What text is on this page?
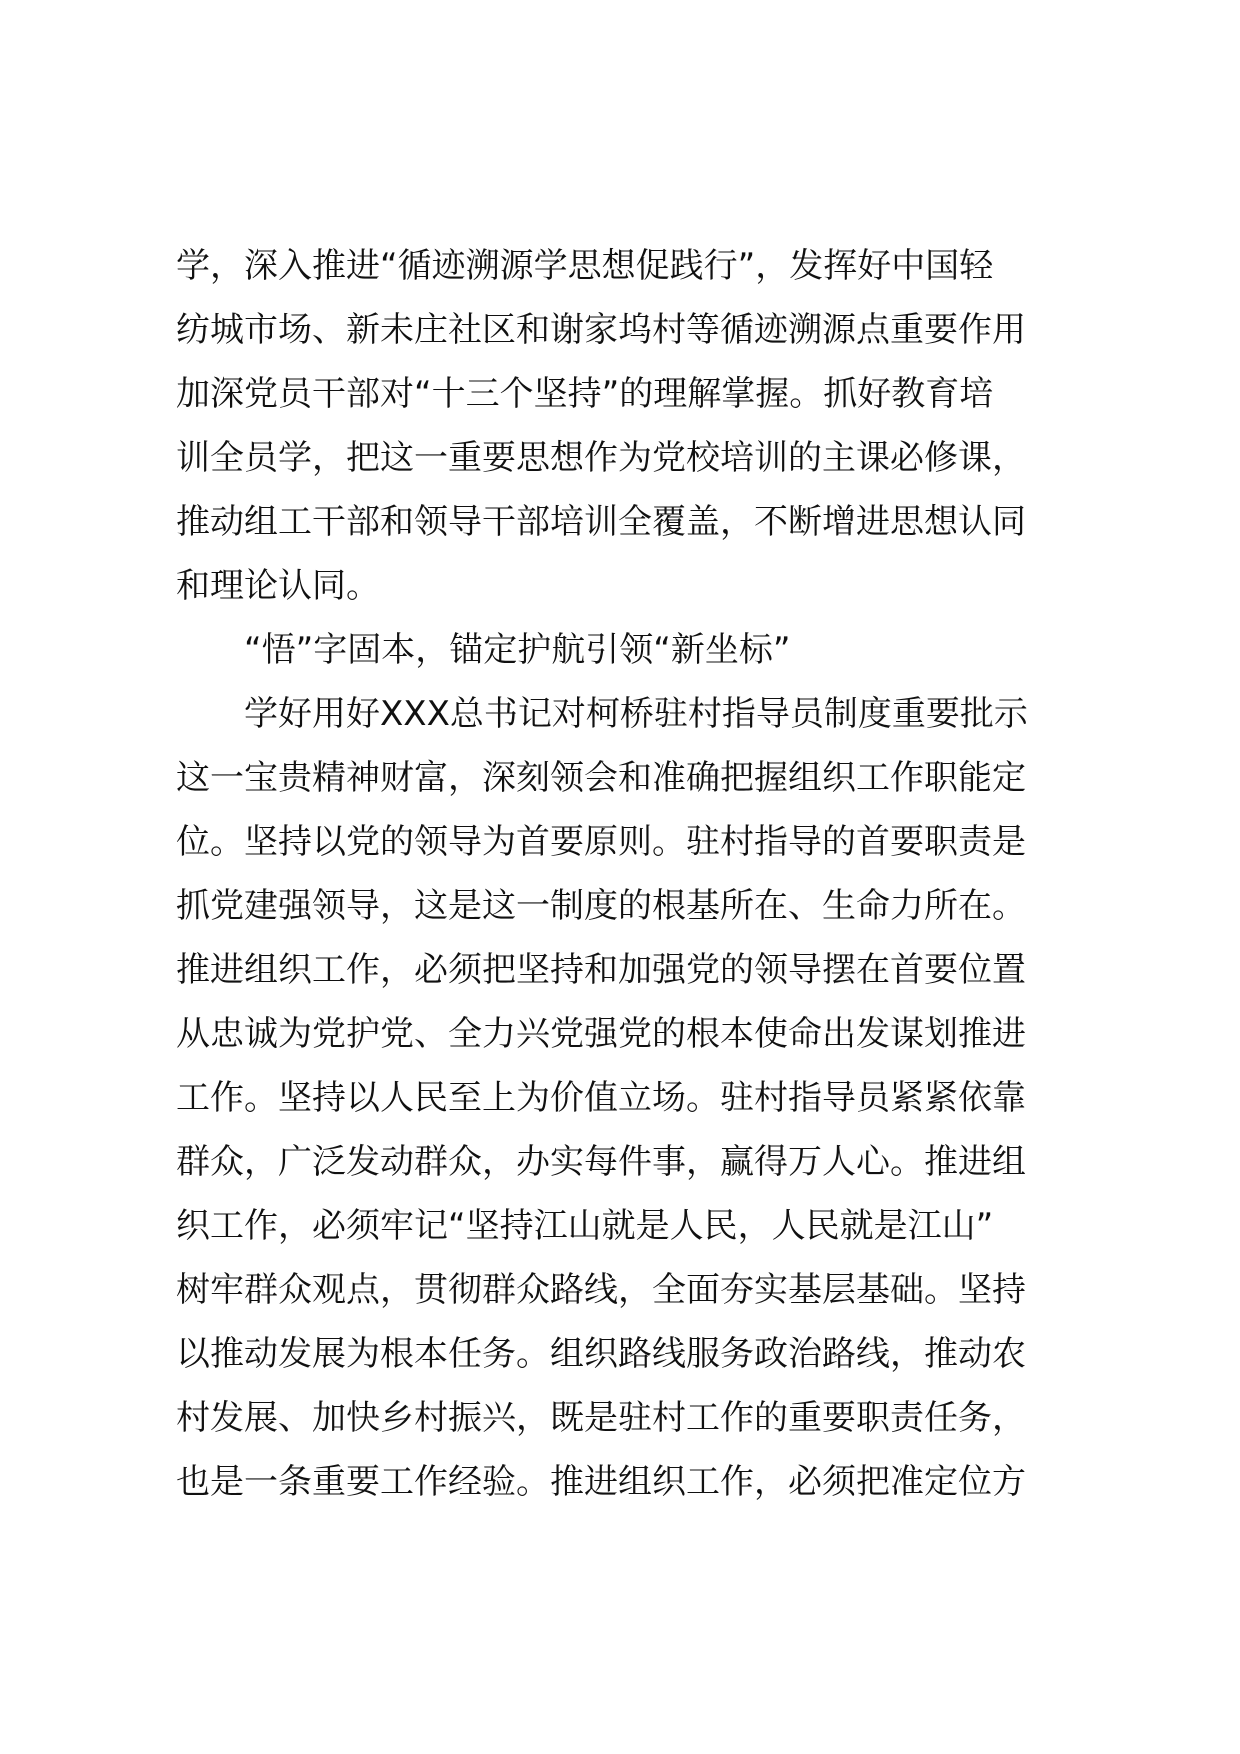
学，深入推进“循迹溯源学思想促践行”，发挥好中国轻
纺城市场、新未庄社区和谢家坞村等循迹溯源点重要作用
加深党员干部对“十三个坚持”的理解掌握。抓好教育培
训全员学，把这一重要思想作为党校培训的主课必修课，
推动组工干部和领导干部培训全覆盖，不断增进思想认同
和理论认同。
“悟”字固本，锚定护航引领“新坐标”
学好用好XXX总书记对柯桥驻村指导员制度重要批示
这一宝贵精神财富，深刻领会和准确把握组织工作职能定
位。坚持以党的领导为首要原则。驻村指导的首要职责是
抓党建强领导，这是这一制度的根基所在、生命力所在。
推进组织工作，必须把坚持和加强党的领导摆在首要位置
从忠诚为党护党、全力兴党强党的根本使命出发谋划推进
工作。坚持以人民至上为价值立场。驻村指导员紧紧依靠
群众，广泛发动群众，办实每件事，赢得万人心。推进组
织工作，必须牢记“坚持江山就是人民，人民就是江山”
树牢群众观点，贯彻群众路线，全面夯实基层基础。坚持
以推动发展为根本任务。组织路线服务政治路线，推动农
村发展、加快乡村振兴，既是驻村工作的重要职责任务，
也是一条重要工作经验。推进组织工作，必须把准定位方
